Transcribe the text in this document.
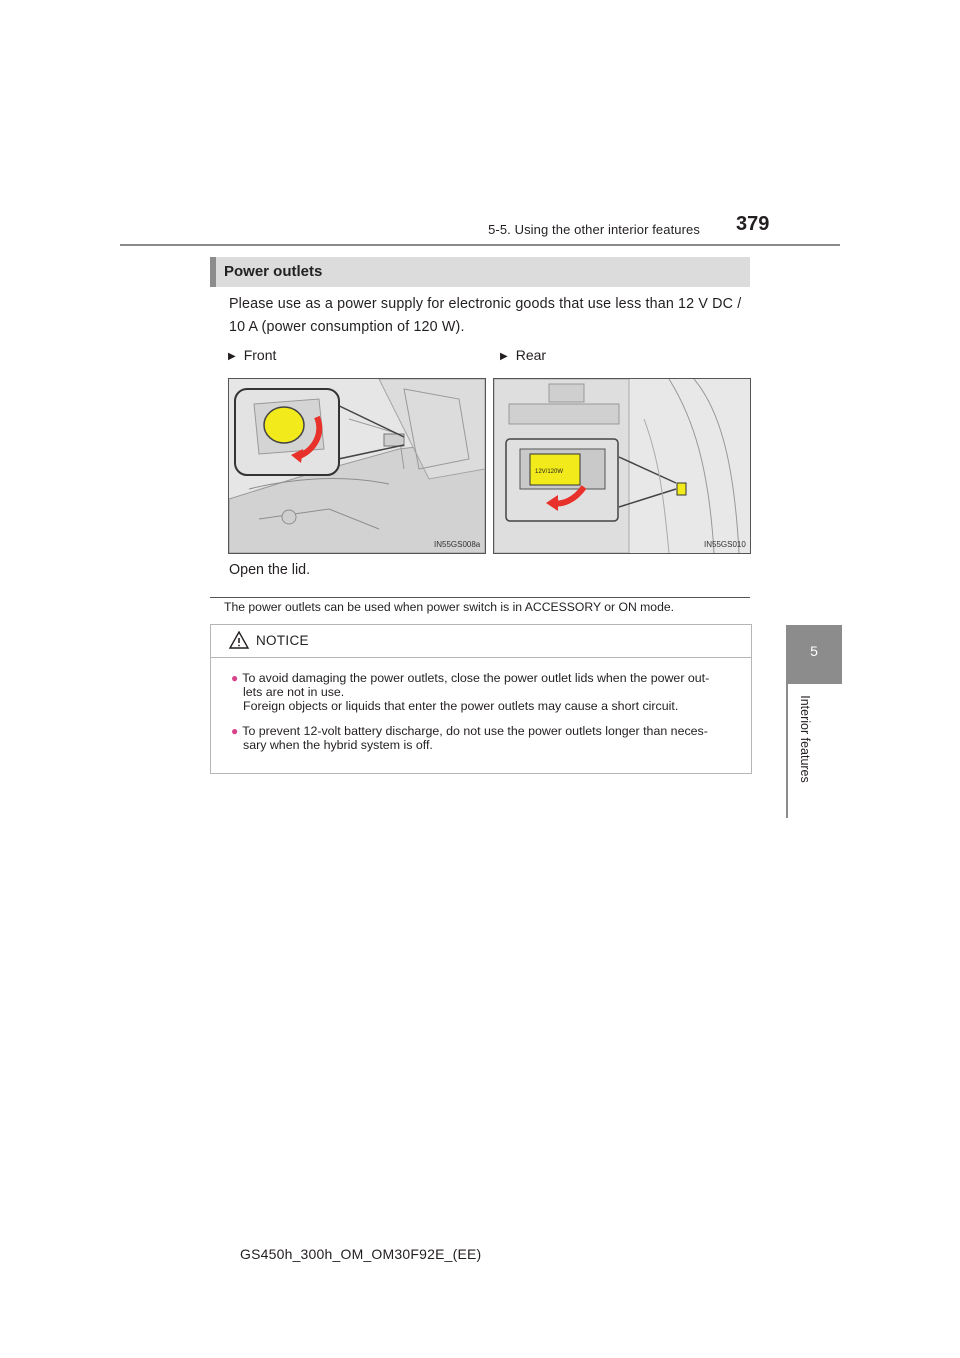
5-5. Using the other interior features 379
5
Interior features
Power outlets
Please use as a power supply for electronic goods that use less than 12 V DC /
10 A (power consumption of 120 W).
▶ Front	▶ Rear
IN55GS008a
12V/120W
IN55GS010
Open the lid.
The power outlets can be used when power switch is in ACCESSORY or ON mode.
NOTICE
● To avoid damaging the power outlets, close the power outlet lids when the power out-
lets are not in use.
Foreign objects or liquids that enter the power outlets may cause a short circuit.
● To prevent 12-volt battery discharge, do not use the power outlets longer than neces-
sary when the hybrid system is off.
GS450h_300h_OM_OM30F92E_(EE)
